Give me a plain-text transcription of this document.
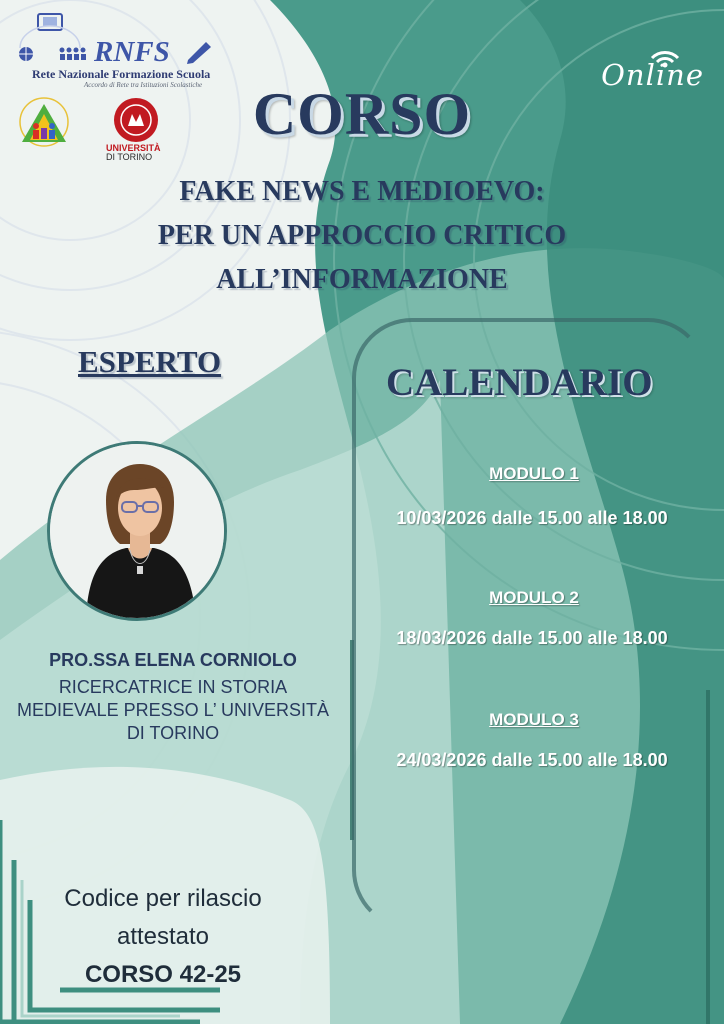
RNFS
Rete Nazionale Formazione Scuola
Accordo di Rete tra Istituzioni Scolastiche
UNIVERSITÀ
DI TORINO
Online
CORSO
FAKE NEWS E MEDIOEVO:
PER UN APPROCCIO CRITICO
ALL’INFORMAZIONE
ESPERTO
PRO.SSA ELENA CORNIOLO
RICERCATRICE IN STORIA
MEDIEVALE PRESSO L’ UNIVERSITÀ
DI TORINO
CALENDARIO
MODULO 1
10/03/2026 dalle 15.00 alle 18.00
MODULO 2
18/03/2026 dalle 15.00 alle 18.00
MODULO 3
24/03/2026 dalle 15.00 alle 18.00
Codice per rilascio
attestato
CORSO 42-25
